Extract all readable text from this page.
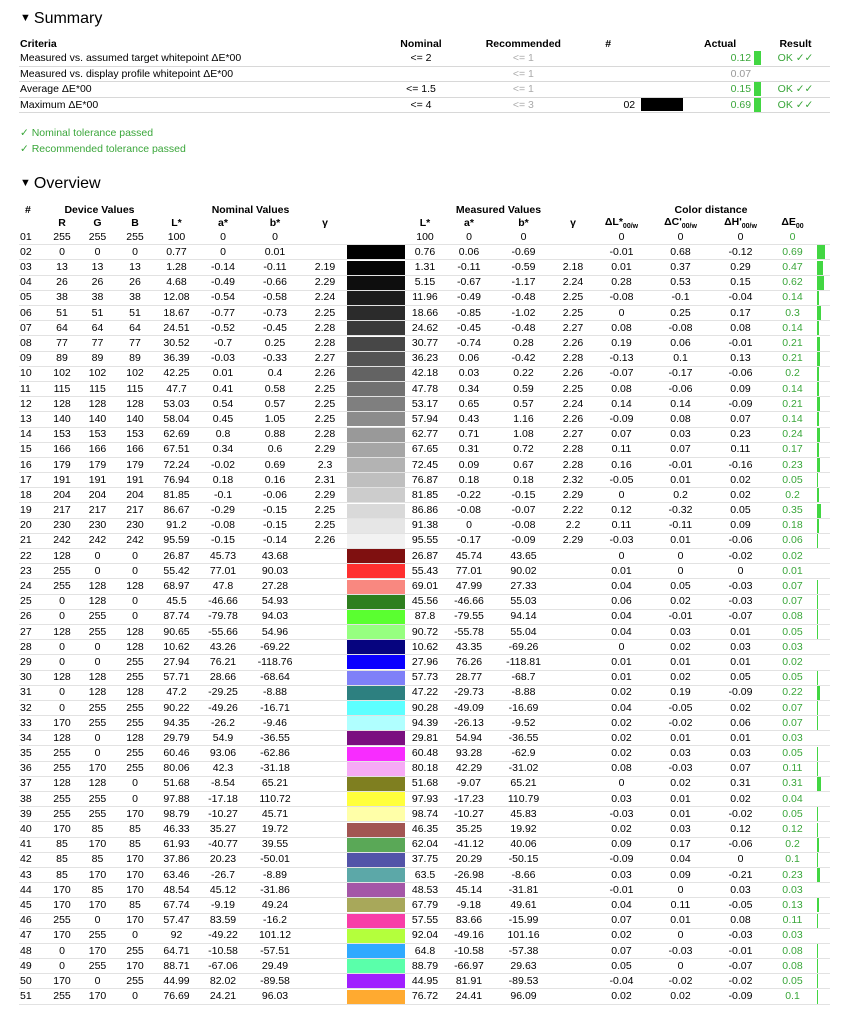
▼ Summary
Criteria	Nominal	Recommended	#		Actual		Result
Measured vs. assumed target whitepoint ΔE*00	<= 2	<= 1			0.12		OK ✓✓
Measured vs. display profile whitepoint ΔE*00		<= 1			0.07		
Average ΔE*00	<= 1.5	<= 1			0.15		OK ✓✓
Maximum ΔE*00	<= 4	<= 3	02		0.69		OK ✓✓
✓ Nominal tolerance passed
✓ Recommended tolerance passed
▼ Overview
#	Device Values			Nominal Values					Measured Values				Color distance				
	R	G	B	L*	a*	b*	γ		L*	a*	b*	γ	$\Delta L*_{00/w}$	$\Delta C'_{00/w}$	$\Delta H'_{00/w}$	$\Delta E_{00}$	
01	255	255	255	100	0	0			100	0	0		0	0	0	0	

02	0	0	0	0.77	0	0.01			0.76	0.06	-0.69		-0.01	0.68	-0.12	0.69	

03	13	13	13	1.28	-0.14	-0.11	2.19		1.31	-0.11	-0.59	2.18	0.01	0.37	0.29	0.47	

04	26	26	26	4.68	-0.49	-0.66	2.29		5.15	-0.67	-1.17	2.24	0.28	0.53	0.15	0.62	

05	38	38	38	12.08	-0.54	-0.58	2.24		11.96	-0.49	-0.48	2.25	-0.08	-0.1	-0.04	0.14	

06	51	51	51	18.67	-0.77	-0.73	2.25		18.66	-0.85	-1.02	2.25	0	0.25	0.17	0.3	

07	64	64	64	24.51	-0.52	-0.45	2.28		24.62	-0.45	-0.48	2.27	0.08	-0.08	0.08	0.14	

08	77	77	77	30.52	-0.7	0.25	2.28		30.77	-0.74	0.28	2.26	0.19	0.06	-0.01	0.21	

09	89	89	89	36.39	-0.03	-0.33	2.27		36.23	0.06	-0.42	2.28	-0.13	0.1	0.13	0.21	

10	102	102	102	42.25	0.01	0.4	2.26		42.18	0.03	0.22	2.26	-0.07	-0.17	-0.06	0.2	

11	115	115	115	47.7	0.41	0.58	2.25		47.78	0.34	0.59	2.25	0.08	-0.06	0.09	0.14	

12	128	128	128	53.03	0.54	0.57	2.25		53.17	0.65	0.57	2.24	0.14	0.14	-0.09	0.21	

13	140	140	140	58.04	0.45	1.05	2.25		57.94	0.43	1.16	2.26	-0.09	0.08	0.07	0.14	

14	153	153	153	62.69	0.8	0.88	2.28		62.77	0.71	1.08	2.27	0.07	0.03	0.23	0.24	

15	166	166	166	67.51	0.34	0.6	2.29		67.65	0.31	0.72	2.28	0.11	0.07	0.11	0.17	

16	179	179	179	72.24	-0.02	0.69	2.3		72.45	0.09	0.67	2.28	0.16	-0.01	-0.16	0.23	

17	191	191	191	76.94	0.18	0.16	2.31		76.87	0.18	0.18	2.32	-0.05	0.01	0.02	0.05	

18	204	204	204	81.85	-0.1	-0.06	2.29		81.85	-0.22	-0.15	2.29	0	0.2	0.02	0.2	

19	217	217	217	86.67	-0.29	-0.15	2.25		86.86	-0.08	-0.07	2.22	0.12	-0.32	0.05	0.35	

20	230	230	230	91.2	-0.08	-0.15	2.25		91.38	0	-0.08	2.2	0.11	-0.11	0.09	0.18	

21	242	242	242	95.59	-0.15	-0.14	2.26		95.55	-0.17	-0.09	2.29	-0.03	0.01	-0.06	0.06	

22	128	0	0	26.87	45.73	43.68			26.87	45.74	43.65		0	0	-0.02	0.02	

23	255	0	0	55.42	77.01	90.03			55.43	77.01	90.02		0.01	0	0	0.01	

24	255	128	128	68.97	47.8	27.28			69.01	47.99	27.33		0.04	0.05	-0.03	0.07	

25	0	128	0	45.5	-46.66	54.93			45.56	-46.66	55.03		0.06	0.02	-0.03	0.07	

26	0	255	0	87.74	-79.78	94.03			87.8	-79.55	94.14		0.04	-0.01	-0.07	0.08	

27	128	255	128	90.65	-55.66	54.96			90.72	-55.78	55.04		0.04	0.03	0.01	0.05	

28	0	0	128	10.62	43.26	-69.22			10.62	43.35	-69.26		0	0.02	0.03	0.03	

29	0	0	255	27.94	76.21	-118.76			27.96	76.26	-118.81		0.01	0.01	0.01	0.02	

30	128	128	255	57.71	28.66	-68.64			57.73	28.77	-68.7		0.01	0.02	0.05	0.05	

31	0	128	128	47.2	-29.25	-8.88			47.22	-29.73	-8.88		0.02	0.19	-0.09	0.22	

32	0	255	255	90.22	-49.26	-16.71			90.28	-49.09	-16.69		0.04	-0.05	0.02	0.07	

33	170	255	255	94.35	-26.2	-9.46			94.39	-26.13	-9.52		0.02	-0.02	0.06	0.07	

34	128	0	128	29.79	54.9	-36.55			29.81	54.94	-36.55		0.02	0.01	0.01	0.03	

35	255	0	255	60.46	93.06	-62.86			60.48	93.28	-62.9		0.02	0.03	0.03	0.05	

36	255	170	255	80.06	42.3	-31.18			80.18	42.29	-31.02		0.08	-0.03	0.07	0.11	

37	128	128	0	51.68	-8.54	65.21			51.68	-9.07	65.21		0	0.02	0.31	0.31	

38	255	255	0	97.88	-17.18	110.72			97.93	-17.23	110.79		0.03	0.01	0.02	0.04	

39	255	255	170	98.79	-10.27	45.71			98.74	-10.27	45.83		-0.03	0.01	-0.02	0.05	

40	170	85	85	46.33	35.27	19.72			46.35	35.25	19.92		0.02	0.03	0.12	0.12	

41	85	170	85	61.93	-40.77	39.55			62.04	-41.12	40.06		0.09	0.17	-0.06	0.2	

42	85	85	170	37.86	20.23	-50.01			37.75	20.29	-50.15		-0.09	0.04	0	0.1	

43	85	170	170	63.46	-26.7	-8.89			63.5	-26.98	-8.66		0.03	0.09	-0.21	0.23	

44	170	85	170	48.54	45.12	-31.86			48.53	45.14	-31.81		-0.01	0	0.03	0.03	

45	170	170	85	67.74	-9.19	49.24			67.79	-9.18	49.61		0.04	0.11	-0.05	0.13	

46	255	0	170	57.47	83.59	-16.2			57.55	83.66	-15.99		0.07	0.01	0.08	0.11	

47	170	255	0	92	-49.22	101.12			92.04	-49.16	101.16		0.02	0	-0.03	0.03	

48	0	170	255	64.71	-10.58	-57.51			64.8	-10.58	-57.38		0.07	-0.03	-0.01	0.08	

49	0	255	170	88.71	-67.06	29.49			88.79	-66.97	29.63		0.05	0	-0.07	0.08	

50	170	0	255	44.99	82.02	-89.58			44.95	81.91	-89.53		-0.04	-0.02	-0.02	0.05	

51	255	170	0	76.69	24.21	96.03			76.72	24.41	96.09		0.02	0.02	-0.09	0.1	
